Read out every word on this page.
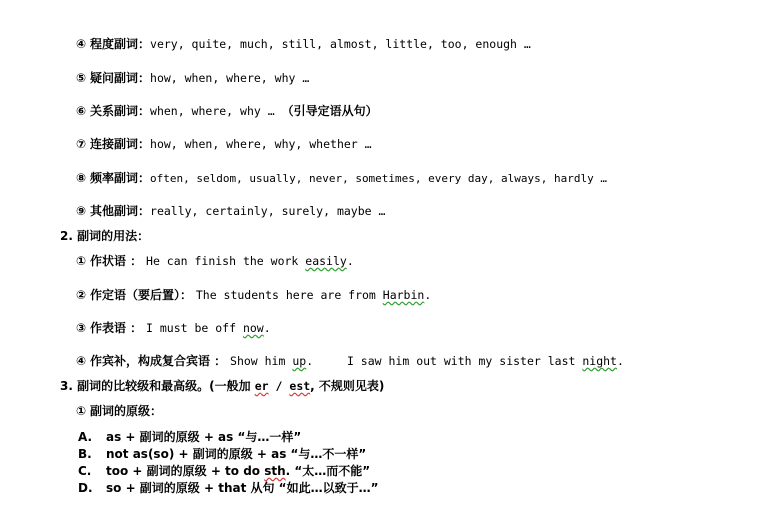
④ 程度副词：very, quite, much, still, almost, little, too, enough …
⑤ 疑问副词：how, when, where, why …
⑥ 关系副词：when, where, why … （引导定语从句）
⑦ 连接副词：how, when, where, why, whether …
⑧ 频率副词：often, seldom, usually, never, sometimes, every day, always, hardly …
⑨ 其他副词：really, certainly, surely, maybe …
2. 副词的用法：
① 作状语 ： He can finish the work easily.
② 作定语（要后置）： The students here are from Harbin.
③ 作表语 ： I must be off now.
④ 作宾补，构成复合宾语 ： Show him up.	I saw him out with my sister last night.
3. 副词的比较级和最高级。(一般加 er / est, 不规则见表)
① 副词的原级：
A. as + 副词的原级 + as “与…一样”
B. not as(so) + 副词的原级 + as “与…不一样”
C. too + 副词的原级 + to do sth. “太…而不能”
D. so + 副词的原级 + that 从句 “如此…以致于…”
